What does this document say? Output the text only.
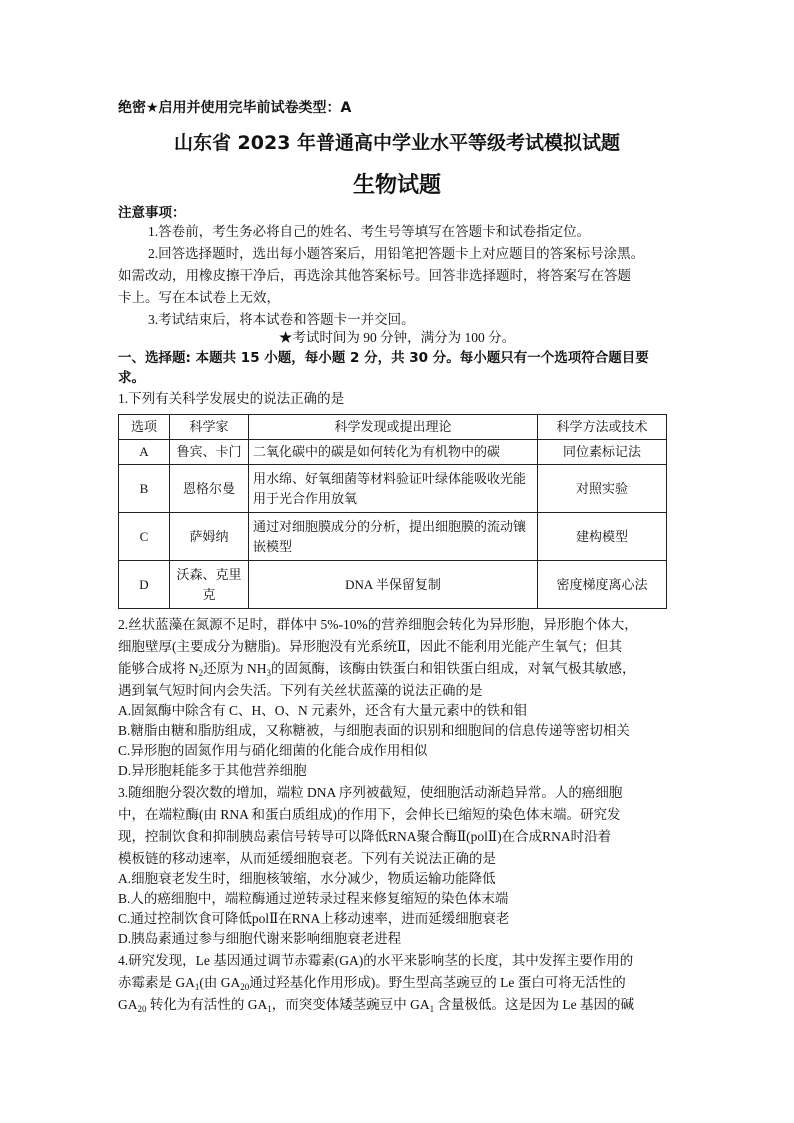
绝密★启用并使用完毕前试卷类型：A
山东省 2023 年普通高中学业水平等级考试模拟试题
生物试题
注意事项：
1.答卷前，考生务必将自己的姓名、考生号等填写在答题卡和试卷指定位。
2.回答选择题时，选出每小题答案后，用铅笔把答题卡上对应题目的答案标号涂黑。
如需改动，用橡皮擦干净后，再选涂其他答案标号。回答非选择题时，将答案写在答题
卡上。写在本试卷上无效，
3.考试结束后，将本试卷和答题卡一并交回。
★考试时间为 90 分钟，满分为 100 分。
一、选择题: 本题共 15 小题，每小题 2 分，共 30 分。每小题只有一个选项符合题目要
求。
1.下列有关科学发展史的说法正确的是
选项	科学家	科学发现或提出理论	科学方法或技术
A	鲁宾、卡门	二氧化碳中的碳是如何转化为有机物中的碳	同位素标记法
B	恩格尔曼	用水绵、好氧细菌等材料验证叶绿体能吸收光能用于光合作用放氧	对照实验
C	萨姆纳	通过对细胞膜成分的分析，提出细胞膜的流动镶嵌模型	建构模型
D	沃森、克里克	DNA 半保留复制	密度梯度离心法
2.丝状蓝藻在氮源不足时，群体中 5%-10%的营养细胞会转化为异形胞，异形胞个体大，
细胞壁厚(主要成分为糖脂)。异形胞没有光系统Ⅱ，因此不能利用光能产生氧气；但其
能够合成将 $N_2$还原为 $NH_3$的固氮酶，该酶由铁蛋白和钼铁蛋白组成，对氧气极其敏感，
遇到氧气短时间内会失活。下列有关丝状蓝藻的说法正确的是
A.固氮酶中除含有 C、H、O、N 元素外，还含有大量元素中的铁和钼
B.糖脂由糖和脂肪组成，又称糖被，与细胞表面的识别和细胞间的信息传递等密切相关
C.异形胞的固氮作用与硝化细菌的化能合成作用相似
D.异形胞耗能多于其他营养细胞
3.随细胞分裂次数的增加，端粒 DNA 序列被截短，使细胞活动渐趋异常。人的癌细胞
中，在端粒酶(由 RNA 和蛋白质组成)的作用下，会伸长已缩短的染色体末端。研究发
现，控制饮食和抑制胰岛素信号转导可以降低RNA聚合酶Ⅱ(polⅡ)在合成RNA时沿着
模板链的移动速率，从而延缓细胞衰老。下列有关说法正确的是
A.细胞衰老发生时，细胞核皱缩，水分减少，物质运输功能降低
B.人的癌细胞中，端粒酶通过逆转录过程来修复缩短的染色体末端
C.通过控制饮食可降低polⅡ在RNA上移动速率，进而延缓细胞衰老
D.胰岛素通过参与细胞代谢来影响细胞衰老进程
4.研究发现，Le 基因通过调节赤霉素(GA)的水平来影响茎的长度，其中发挥主要作用的
赤霉素是 $GA_1$(由 $GA_{20}$通过羟基化作用形成)。野生型高茎豌豆的 Le 蛋白可将无活性的
$GA_{20}$ 转化为有活性的 $GA_1$，而突变体矮茎豌豆中 $GA_1$ 含量极低。这是因为 Le 基因的碱
